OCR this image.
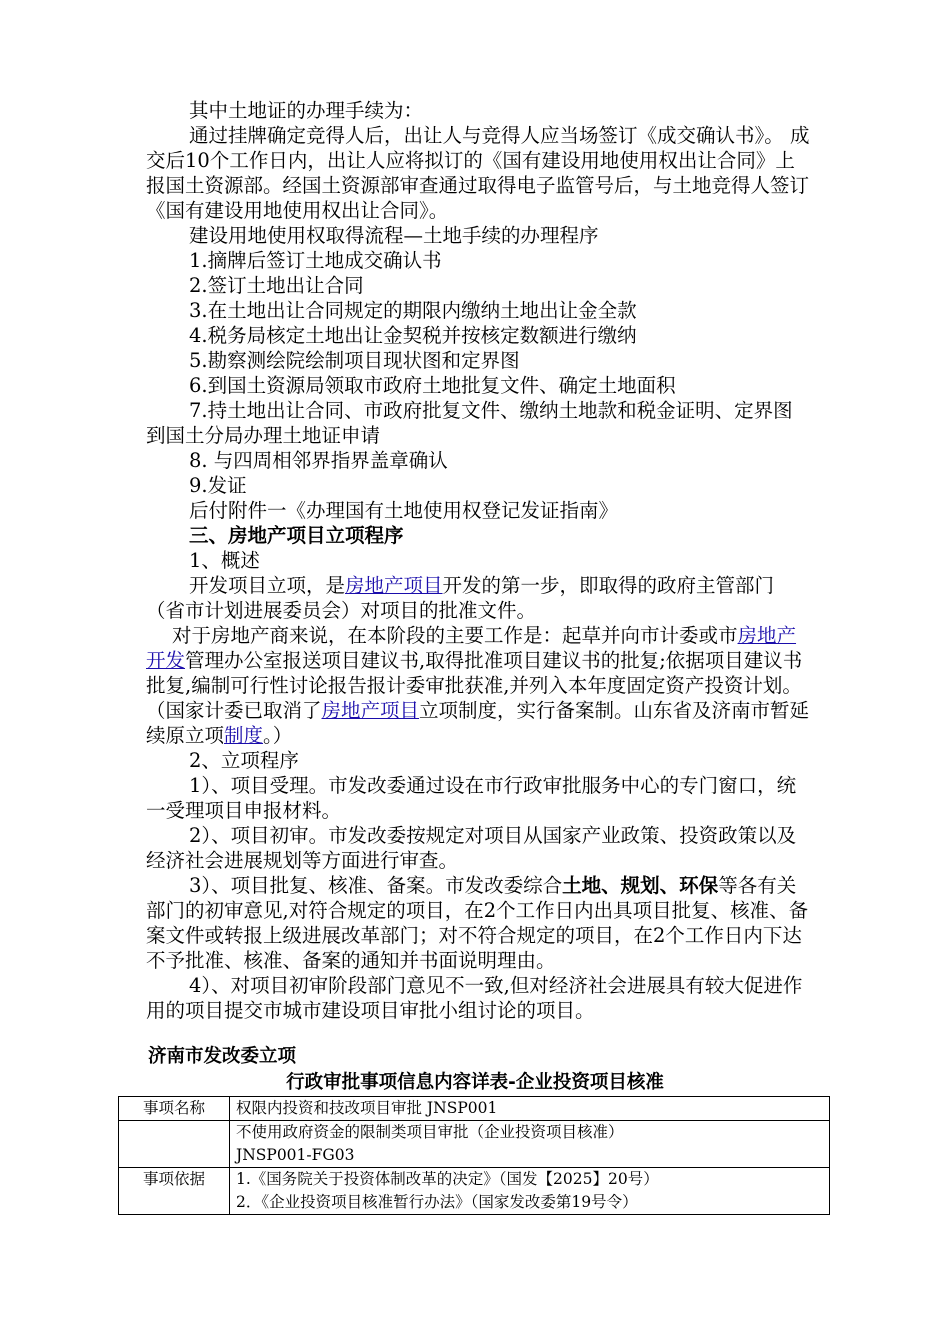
其中土地证的办理手续为：

通过挂牌确定竞得人后，出让人与竞得人应当场签订《成交确认书》。 成交后10个工作日内，出让人应将拟订的《国有建设用地使用权出让合同》上报国土资源部。经国土资源部审查通过取得电子监管号后，与土地竞得人签订《国有建设用地使用权出让合同》。

建设用地使用权取得流程—土地手续的办理程序

1.摘牌后签订土地成交确认书

2.签订土地出让合同

3.在土地出让合同规定的期限内缴纳土地出让金全款

4.税务局核定土地出让金契税并按核定数额进行缴纳

5.勘察测绘院绘制项目现状图和定界图

6.到国土资源局领取市政府土地批复文件、确定土地面积

7.持土地出让合同、市政府批复文件、缴纳土地款和税金证明、定界图到国土分局办理土地证申请

8. 与四周相邻界指界盖章确认

9.发证

后付附件一《办理国有土地使用权登记发证指南》

三、房地产项目立项程序

1、概述

开发项目立项，是房地产项目开发的第一步，即取得的政府主管部门（省市计划进展委员会）对项目的批准文件。

对于房地产商来说，在本阶段的主要工作是：起草并向市计委或市房地产开发管理办公室报送项目建议书,取得批准项目建议书的批复;依据项目建议书批复,编制可行性讨论报告报计委审批获准,并列入本年度固定资产投资计划。（国家计委已取消了房地产项目立项制度，实行备案制。山东省及济南市暂延续原立项制度。）

2、立项程序

1）、项目受理。市发改委通过设在市行政审批服务中心的专门窗口，统一受理项目申报材料。

2）、项目初审。市发改委按规定对项目从国家产业政策、投资政策以及经济社会进展规划等方面进行审查。

3）、项目批复、核准、备案。市发改委综合土地、规划、环保等各有关部门的初审意见,对符合规定的项目，在2个工作日内出具项目批复、核准、备案文件或转报上级进展改革部门；对不符合规定的项目，在2个工作日内下达不予批准、核准、备案的通知并书面说明理由。

4）、对项目初审阶段部门意见不一致,但对经济社会进展具有较大促进作用的项目提交市城市建设项目审批小组讨论的项目。

济南市发改委立项
行政审批事项信息内容详表-企业投资项目核准
事项名称	权限内投资和技改项目审批 JNSP001

	不使用政府资金的限制类项目审批（企业投资项目核准）
JNSP001-FG03

事项依据	1.《国务院关于投资体制改革的决定》（国发【2025】20号）
2．《企业投资项目核准暂行办法》（国家发改委第19号令）
